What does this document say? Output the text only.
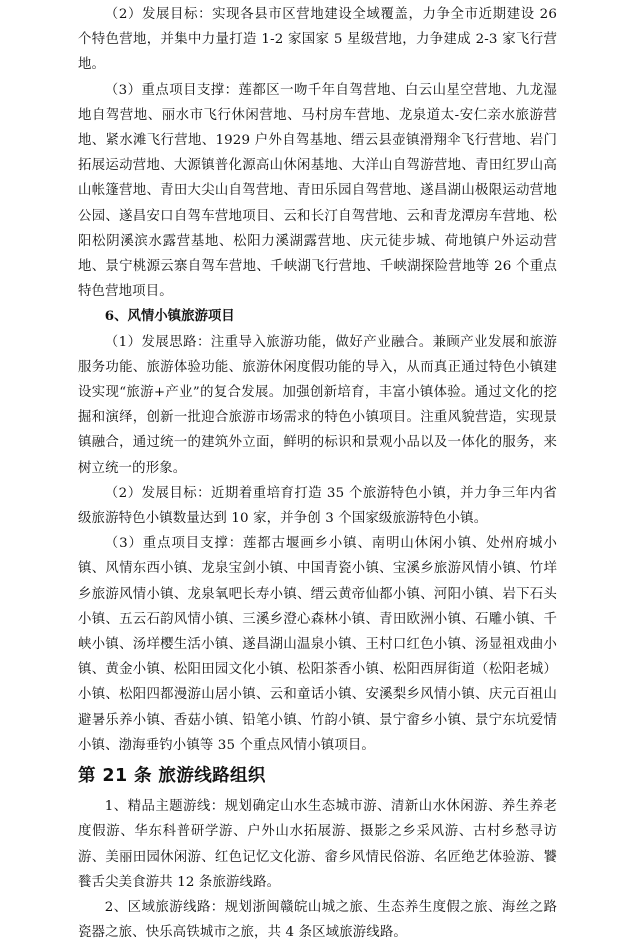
（2）发展目标：实现各县市区营地建设全域覆盖，力争全市近期建设 26 个特色营地，并集中力量打造 1-2 家国家 5 星级营地，力争建成 2-3 家飞行营地。

（3）重点项目支撑：莲都区一吻千年自驾营地、白云山星空营地、九龙湿地自驾营地、丽水市飞行休闲营地、马村房车营地、龙泉道太-安仁亲水旅游营地、紧水滩飞行营地、1929 户外自驾基地、缙云县壶镇滑翔伞飞行营地、岩门拓展运动营地、大源镇普化源高山休闲基地、大洋山自驾游营地、青田红罗山高山帐篷营地、青田大尖山自驾营地、青田乐园自驾营地、遂昌湖山极限运动营地公园、遂昌安口自驾车营地项目、云和长汀自驾营地、云和青龙潭房车营地、松阳松阴溪滨水露营基地、松阳力溪湖露营地、庆元徒步城、荷地镇户外运动营地、景宁桃源云寨自驾车营地、千峡湖飞行营地、千峡湖探险营地等 26 个重点特色营地项目。

6、风情小镇旅游项目

（1）发展思路：注重导入旅游功能，做好产业融合。兼顾产业发展和旅游服务功能、旅游体验功能、旅游休闲度假功能的导入，从而真正通过特色小镇建设实现“旅游+产业”的复合发展。加强创新培育，丰富小镇体验。通过文化的挖掘和演绎，创新一批迎合旅游市场需求的特色小镇项目。注重风貌营造，实现景镇融合，通过统一的建筑外立面，鲜明的标识和景观小品以及一体化的服务，来树立统一的形象。

（2）发展目标：近期着重培育打造 35 个旅游特色小镇，并力争三年内省级旅游特色小镇数量达到 10 家，并争创 3 个国家级旅游特色小镇。

（3）重点项目支撑：莲都古堰画乡小镇、南明山休闲小镇、处州府城小镇、风情东西小镇、龙泉宝剑小镇、中国青瓷小镇、宝溪乡旅游风情小镇、竹垟乡旅游风情小镇、龙泉氧吧长寿小镇、缙云黄帝仙都小镇、河阳小镇、岩下石头小镇、五云石韵风情小镇、三溪乡澄心森林小镇、青田欧洲小镇、石雕小镇、千峡小镇、汤垟樱生活小镇、遂昌湖山温泉小镇、王村口红色小镇、汤显祖戏曲小镇、黄金小镇、松阳田园文化小镇、松阳茶香小镇、松阳西屏街道（松阳老城）小镇、松阳四都漫游山居小镇、云和童话小镇、安溪梨乡风情小镇、庆元百祖山避暑乐养小镇、香菇小镇、铅笔小镇、竹韵小镇、景宁畲乡小镇、景宁东坑爱情小镇、渤海垂钓小镇等 35 个重点风情小镇项目。

第 21 条 旅游线路组织

1、精品主题游线：规划确定山水生态城市游、清新山水休闲游、养生养老度假游、华东科普研学游、户外山水拓展游、摄影之乡采风游、古村乡愁寻访游、美丽田园休闲游、红色记忆文化游、畲乡风情民俗游、名匠绝艺体验游、饕餮舌尖美食游共 12 条旅游线路。

2、区域旅游线路：规划浙闽赣皖山城之旅、生态养生度假之旅、海丝之路瓷器之旅、快乐高铁城市之旅，共 4 条区域旅游线路。
